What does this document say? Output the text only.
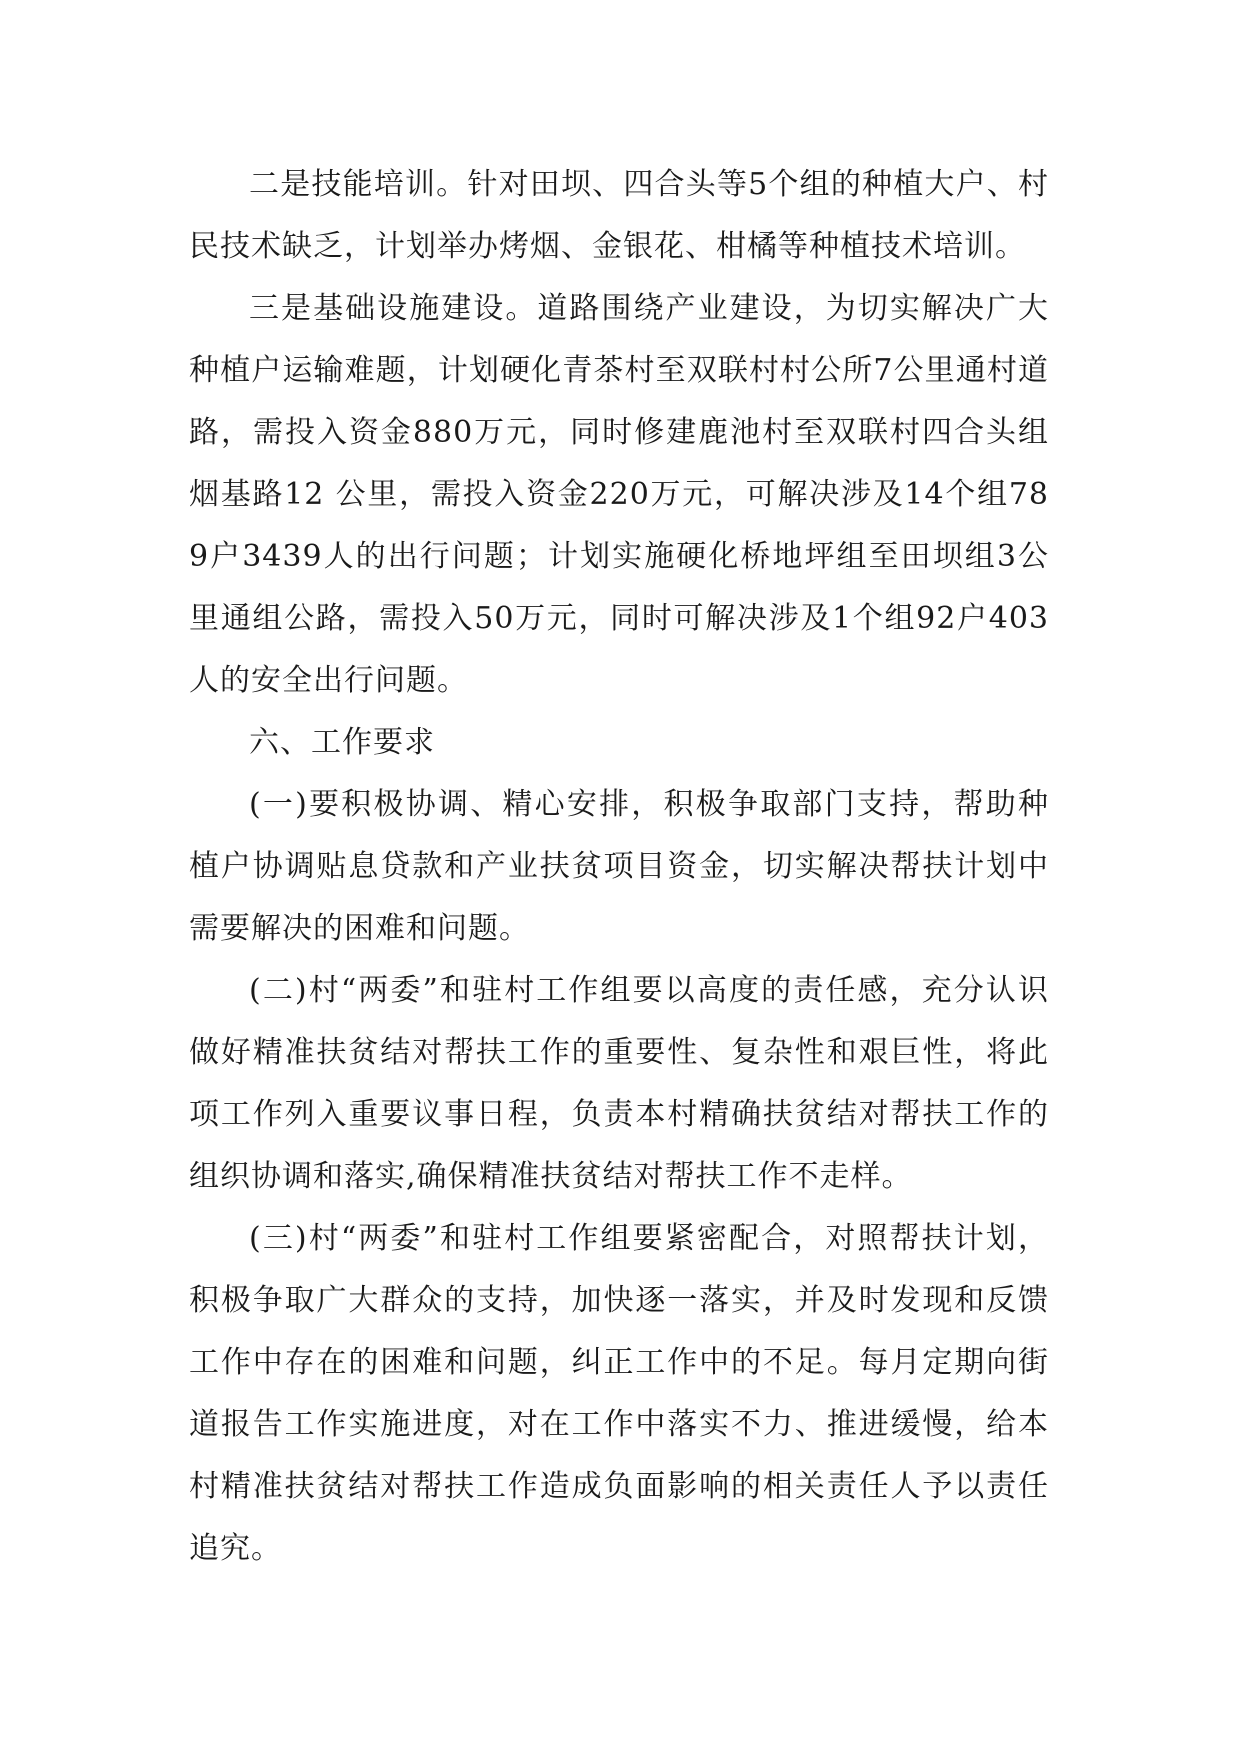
二是技能培训。针对田坝、四合头等5个组的种植大户、村民技术缺乏，计划举办烤烟、金银花、柑橘等种植技术培训。

三是基础设施建设。道路围绕产业建设，为切实解决广大种植户运输难题，计划硬化青茶村至双联村村公所7公里通村道路，需投入资金880万元，同时修建鹿池村至双联村四合头组烟基路12 公里，需投入资金220万元，可解决涉及14个组789户3439人的出行问题；计划实施硬化桥地坪组至田坝组3公里通组公路，需投入50万元，同时可解决涉及1个组92户403人的安全出行问题。

六、工作要求

(一)要积极协调、精心安排，积极争取部门支持，帮助种植户协调贴息贷款和产业扶贫项目资金，切实解决帮扶计划中需要解决的困难和问题。

(二)村“两委”和驻村工作组要以高度的责任感，充分认识做好精准扶贫结对帮扶工作的重要性、复杂性和艰巨性，将此项工作列入重要议事日程，负责本村精确扶贫结对帮扶工作的组织协调和落实,确保精准扶贫结对帮扶工作不走样。

(三)村“两委”和驻村工作组要紧密配合，对照帮扶计划，积极争取广大群众的支持，加快逐一落实，并及时发现和反馈工作中存在的困难和问题，纠正工作中的不足。每月定期向街道报告工作实施进度，对在工作中落实不力、推进缓慢，给本村精准扶贫结对帮扶工作造成负面影响的相关责任人予以责任追究。
